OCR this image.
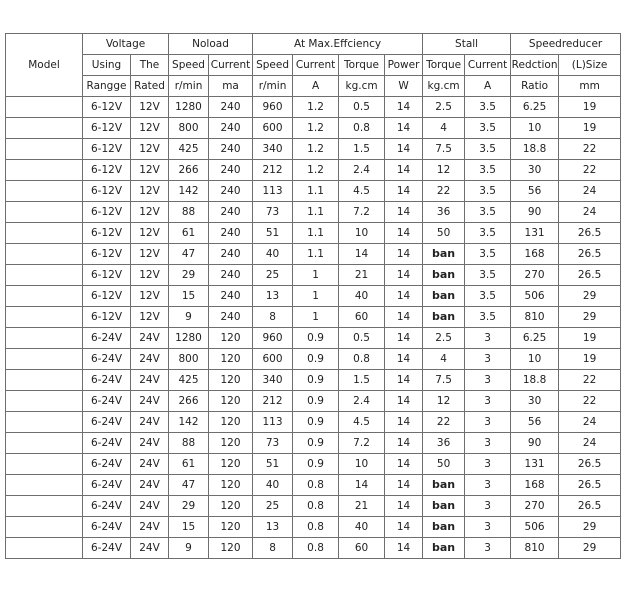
Model	Voltage		Noload		At Max.Effciency				Stall		Speedreducer	
	Using	The	Speed	Current	Speed	Current	Torque	Power	Torque	Current	Redction	(L)Size
	Rangge	Rated	r/min	ma	r/min	A	kg.cm	W	kg.cm	A	Ratio	mm
	6-12V	12V	1280	240	960	1.2	0.5	14	2.5	3.5	6.25	19
	6-12V	12V	800	240	600	1.2	0.8	14	4	3.5	10	19
	6-12V	12V	425	240	340	1.2	1.5	14	7.5	3.5	18.8	22
	6-12V	12V	266	240	212	1.2	2.4	14	12	3.5	30	22
	6-12V	12V	142	240	113	1.1	4.5	14	22	3.5	56	24
	6-12V	12V	88	240	73	1.1	7.2	14	36	3.5	90	24
	6-12V	12V	61	240	51	1.1	10	14	50	3.5	131	26.5
	6-12V	12V	47	240	40	1.1	14	14	ban	3.5	168	26.5
	6-12V	12V	29	240	25	1	21	14	ban	3.5	270	26.5
	6-12V	12V	15	240	13	1	40	14	ban	3.5	506	29
	6-12V	12V	9	240	8	1	60	14	ban	3.5	810	29
	6-24V	24V	1280	120	960	0.9	0.5	14	2.5	3	6.25	19
	6-24V	24V	800	120	600	0.9	0.8	14	4	3	10	19
	6-24V	24V	425	120	340	0.9	1.5	14	7.5	3	18.8	22
	6-24V	24V	266	120	212	0.9	2.4	14	12	3	30	22
	6-24V	24V	142	120	113	0.9	4.5	14	22	3	56	24
	6-24V	24V	88	120	73	0.9	7.2	14	36	3	90	24
	6-24V	24V	61	120	51	0.9	10	14	50	3	131	26.5
	6-24V	24V	47	120	40	0.8	14	14	ban	3	168	26.5
	6-24V	24V	29	120	25	0.8	21	14	ban	3	270	26.5
	6-24V	24V	15	120	13	0.8	40	14	ban	3	506	29
	6-24V	24V	9	120	8	0.8	60	14	ban	3	810	29
